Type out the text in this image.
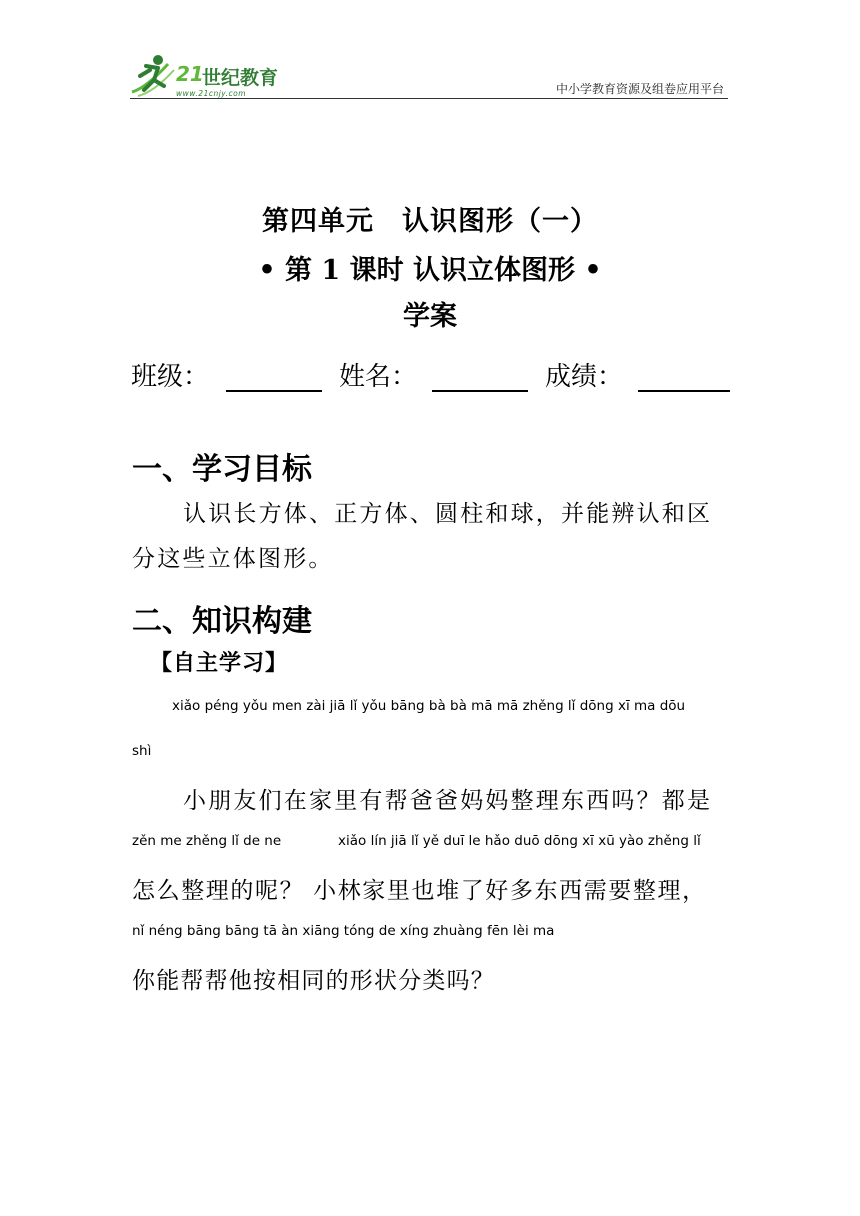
21
世纪教育
www.21cnjy.com	中小学教育资源及组卷应用平台
第四单元　认识图形（一）
• 第 1 课时 认识立体图形 •
学案
班级：	姓名：	成绩：
一、学习目标
认识长方体、正方体、圆柱和球，并能辨认和区
分这些立体图形。
二、知识构建
【自主学习】
xiǎo péng yǒu men zài jiā lǐ yǒu bāng bà bà mā mā zhěng lǐ dōng xī ma dōu
shì
小朋友们在家里有帮爸爸妈妈整理东西吗？都是
zěn me zhěng lǐ de ne	xiǎo lín jiā lǐ yě duī le hǎo duō dōng xī xū yào zhěng lǐ
怎么整理的呢？ 小林家里也堆了好多东西需要整理，
nǐ néng bāng bāng tā àn xiāng tóng de xíng zhuàng fēn lèi ma
你能帮帮他按相同的形状分类吗？
